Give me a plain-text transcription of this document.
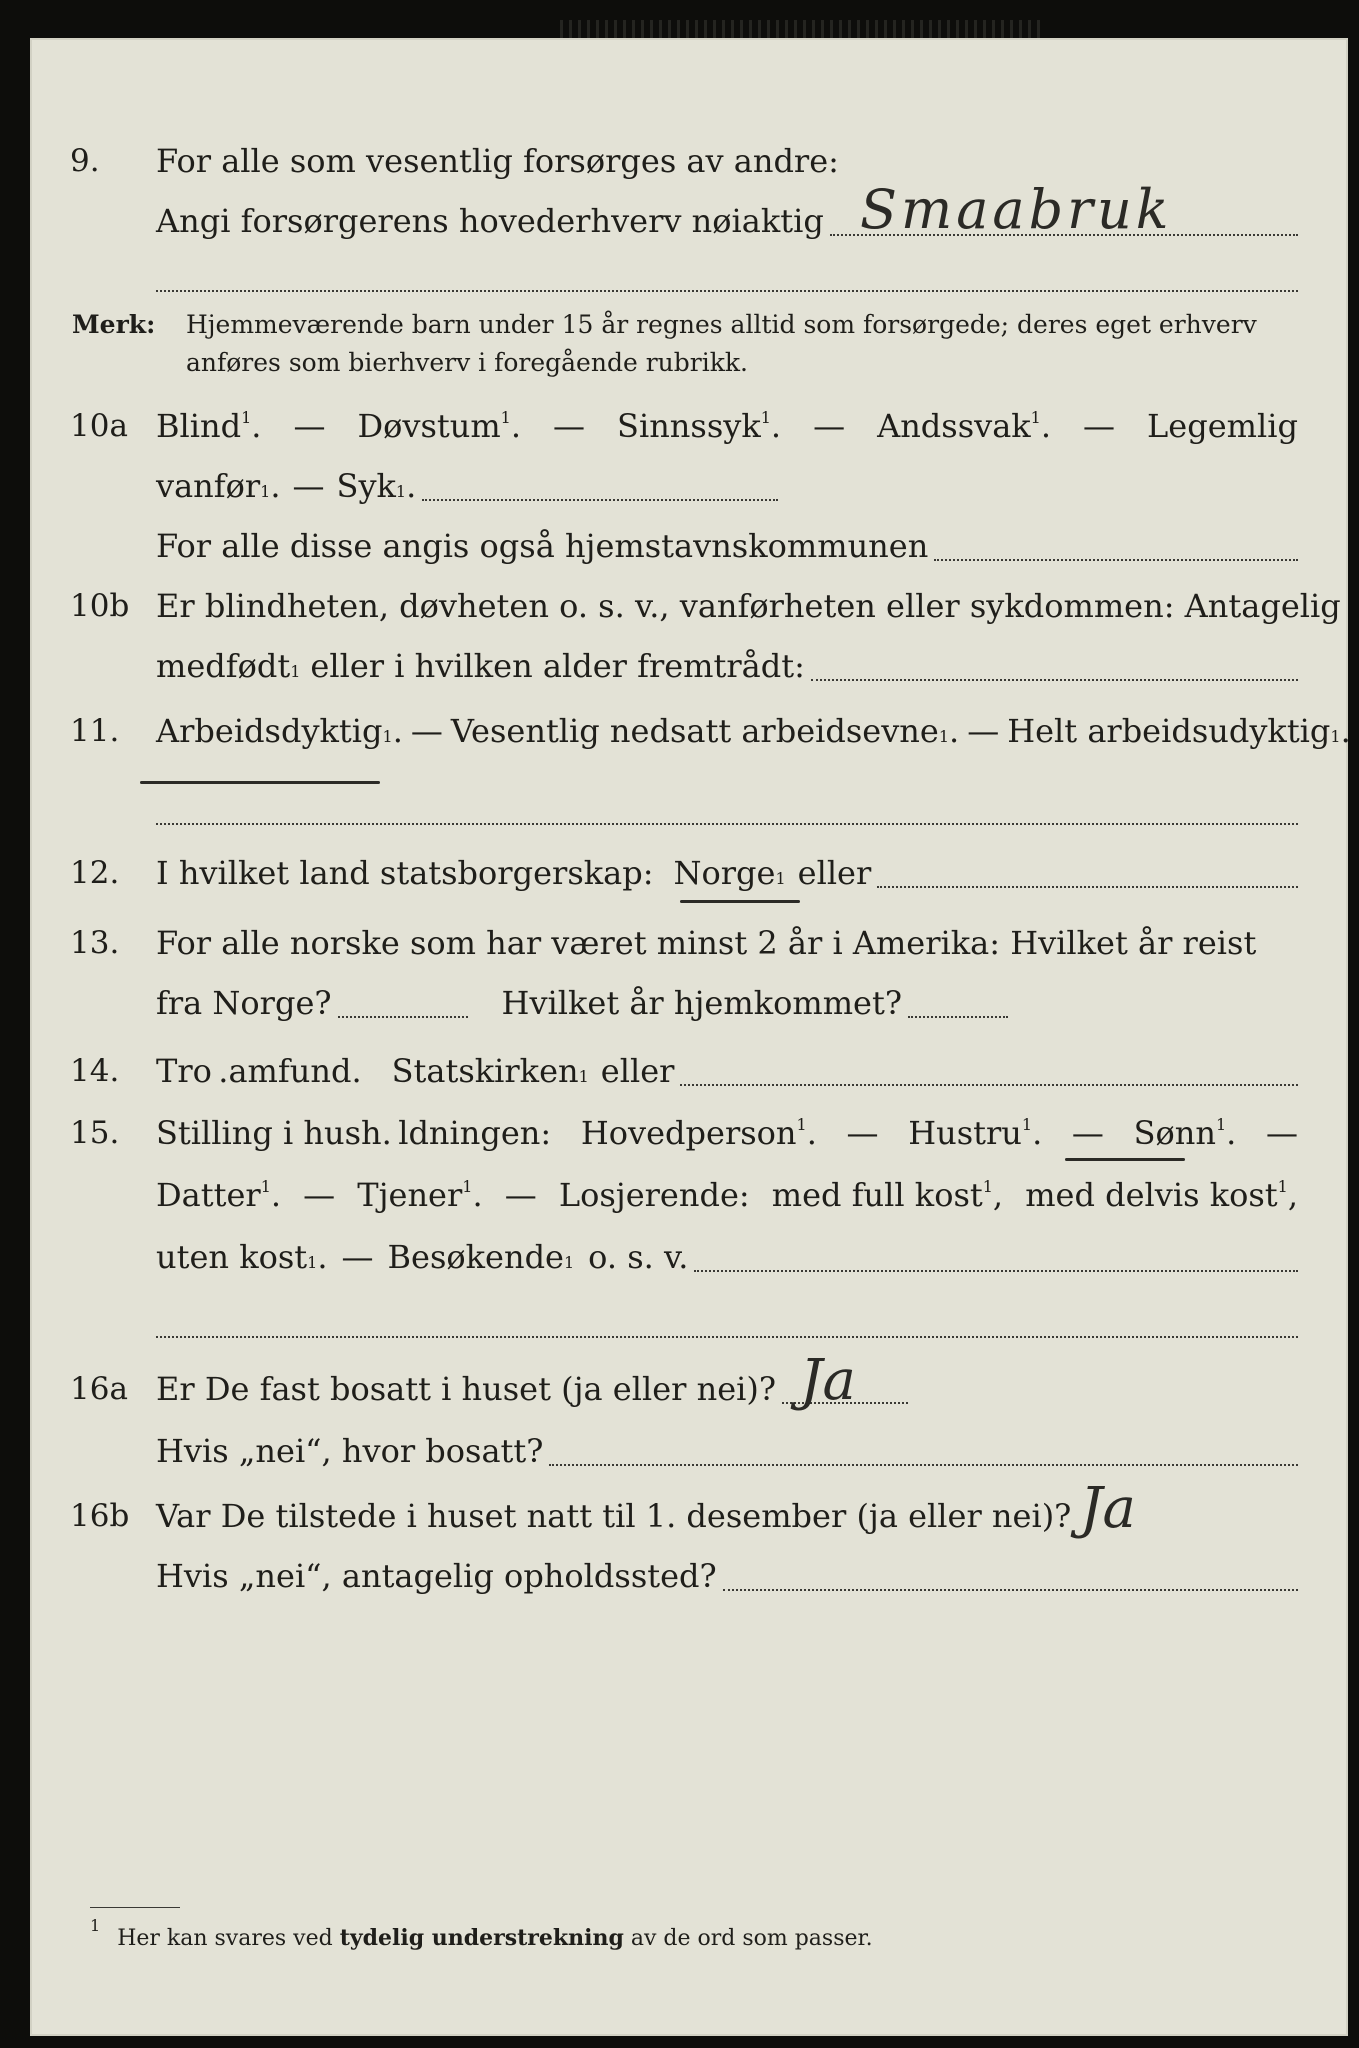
9.	For alle som vesentlig forsørges av andre:
Angi forsørgerens hovederhverv nøiaktig Smaabruk
Merk: Hjemmeværende barn under 15 år regnes alltid som forsørgede; deres eget erhverv
anføres som bierhverv i foregående rubrikk.
10a Blind$^1$. — Døvstum$^1$. — Sinnssyk$^1$. — Andssvak$^1$. — Legemlig
vanfør 1 . — Syk 1 .
For alle disse angis også hjemstavnskommunen
10b Er blindheten, døvheten o. s. v., vanførheten eller sykdommen: Antagelig
medfødt 1 eller i hvilken alder fremtrådt:
11.	Arbeidsdyktig 1 . — Vesentlig nedsatt arbeidsevne 1 . — Helt arbeidsudyktig 1 .
12.	I hvilket land statsborgerskap: Norge 1 eller
13.	For alle norske som har været minst 2 år i Amerika: Hvilket år reist
fra Norge?	Hvilket år hjemkommet?
14.	Tro .amfund. Statskirken 1 eller
15.	Stilling i hush. ldningen: Hovedperson$^1$. — Hustru$^1$. — Sønn$^1$. —
Datter$^1$. — Tjener$^1$. — Losjerende: med full kost$^1$, med delvis kost$^1$,
uten kost 1 . — Besøkende 1 o. s. v.
16a Er De fast bosatt i huset (ja eller nei)? Ja
Hvis „nei“, hvor bosatt?
16b Var De tilstede i huset natt til 1. desember (ja eller nei)? Ja
Hvis „nei“, antagelig opholdssted?
$^1$ Her kan svares ved tydelig understrekning av de ord som passer.
